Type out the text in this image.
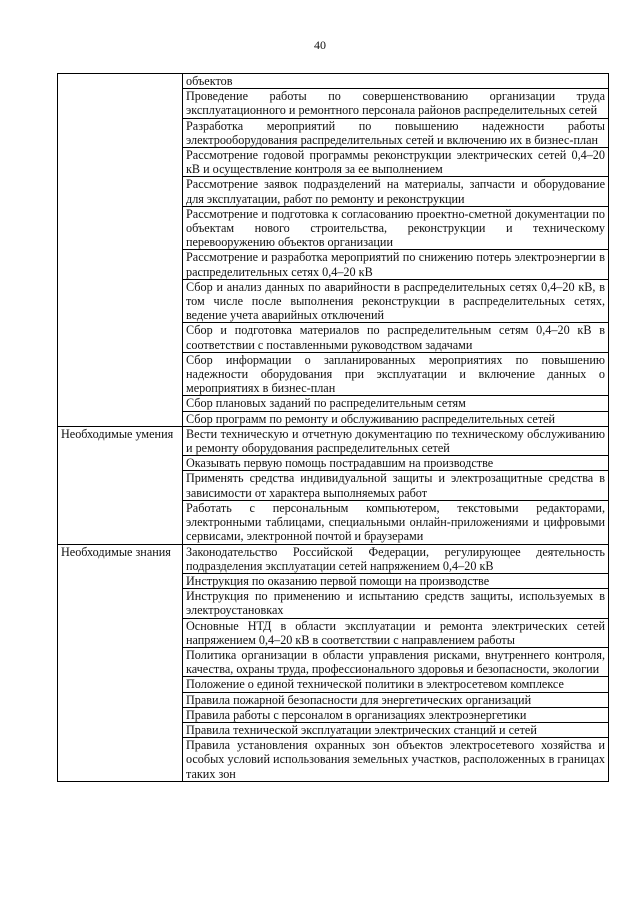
40
	объектов
	Проведение работы по совершенствованию организации труда эксплуатационного и ремонтного персонала районов распределительных сетей
	Разработка мероприятий по повышению надежности работы электрооборудования распределительных сетей и включению их в бизнес-план
	Рассмотрение годовой программы реконструкции электрических сетей 0,4–20 кВ и осуществление контроля за ее выполнением
	Рассмотрение заявок подразделений на материалы, запчасти и оборудование для эксплуатации, работ по ремонту и реконструкции
	Рассмотрение и подготовка к согласованию проектно-сметной документации по объектам нового строительства, реконструкции и техническому перевооружению объектов организации
	Рассмотрение и разработка мероприятий по снижению потерь электроэнергии в распределительных сетях 0,4–20 кВ
	Сбор и анализ данных по аварийности в распределительных сетях 0,4–20 кВ, в том числе после выполнения реконструкции в распределительных сетях, ведение учета аварийных отключений
	Сбор и подготовка материалов по распределительным сетям 0,4–20 кВ в соответствии с поставленными руководством задачами
	Сбор информации о запланированных мероприятиях по повышению надежности оборудования при эксплуатации и включение данных о мероприятиях в бизнес-план
	Сбор плановых заданий по распределительным сетям
	Сбор программ по ремонту и обслуживанию распределительных сетей
Необходимые умения	Вести техническую и отчетную документацию по техническому обслуживанию и ремонту оборудования распределительных сетей
	Оказывать первую помощь пострадавшим на производстве
	Применять средства индивидуальной защиты и электрозащитные средства в зависимости от характера выполняемых работ
	Работать с персональным компьютером, текстовыми редакторами, электронными таблицами, специальными онлайн-приложениями и цифровыми сервисами, электронной почтой и браузерами
Необходимые знания	Законодательство Российской Федерации, регулирующее деятельность подразделения эксплуатации сетей напряжением 0,4–20 кВ
	Инструкция по оказанию первой помощи на производстве
	Инструкция по применению и испытанию средств защиты, используемых в электроустановках
	Основные НТД в области эксплуатации и ремонта электрических сетей напряжением 0,4–20 кВ в соответствии с направлением работы
	Политика организации в области управления рисками, внутреннего контроля, качества, охраны труда, профессионального здоровья и безопасности, экологии
	Положение о единой технической политики в электросетевом комплексе
	Правила пожарной безопасности для энергетических организаций
	Правила работы с персоналом в организациях электроэнергетики
	Правила технической эксплуатации электрических станций и сетей
	Правила установления охранных зон объектов электросетевого хозяйства и особых условий использования земельных участков, расположенных в границах таких зон
